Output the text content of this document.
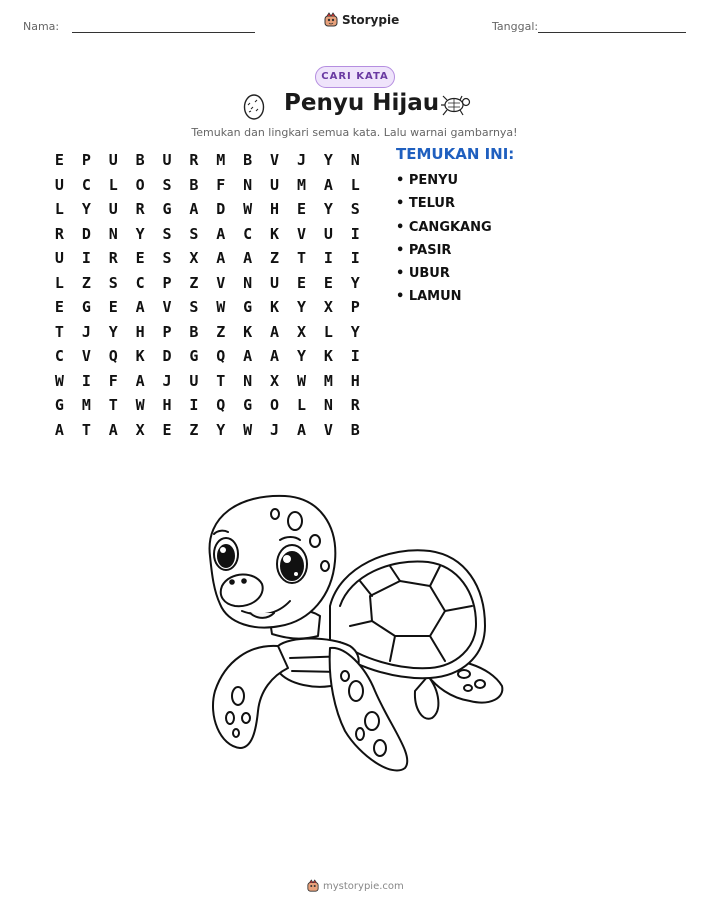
Nama:	Storypie	Tanggal:
CARI KATA
Penyu Hijau
Temukan dan lingkari semua kata. Lalu warnai gambarnya!
E	P	U	B	U	R	M	B	V	J	Y	N
U	C	L	O	S	B	F	N	U	M	A	L
L	Y	U	R	G	A	D	W	H	E	Y	S
R	D	N	Y	S	S	A	C	K	V	U	I
U	I	R	E	S	X	A	A	Z	T	I	I
L	Z	S	C	P	Z	V	N	U	E	E	Y
E	G	E	A	V	S	W	G	K	Y	X	P
T	J	Y	H	P	B	Z	K	A	X	L	Y
C	V	Q	K	D	G	Q	A	A	Y	K	I
W	I	F	A	J	U	T	N	X	W	M	H
G	M	T	W	H	I	Q	G	O	L	N	R
A	T	A	X	E	Z	Y	W	J	A	V	B
TEMUKAN INI:
• PENYU
• TELUR
• CANGKANG
• PASIR
• UBUR
• LAMUN
mystorypie.com
